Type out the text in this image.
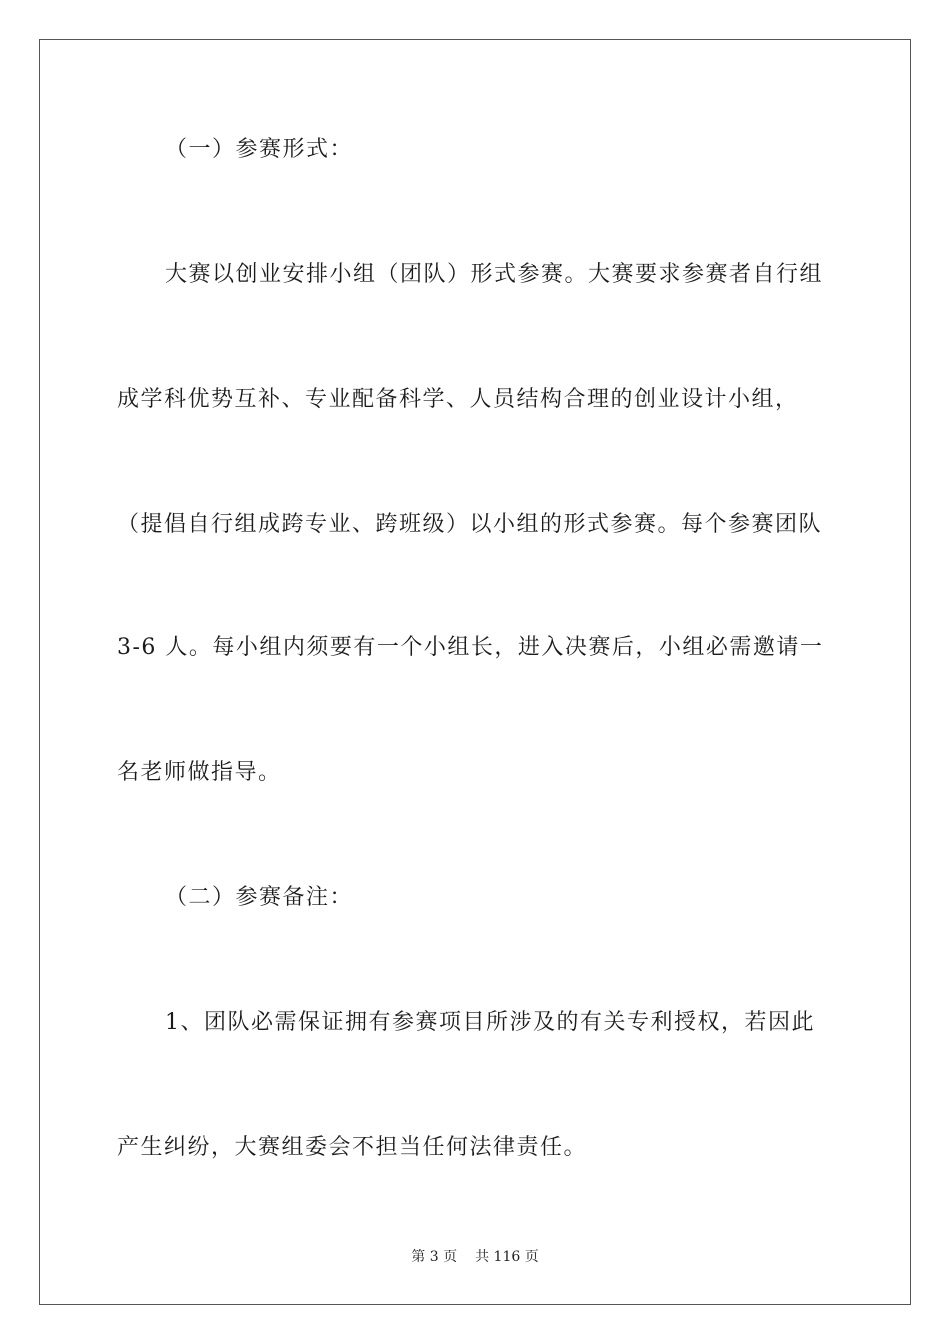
（一）参赛形式：
大赛以创业安排小组（团队）形式参赛。大赛要求参赛者自行组
成学科优势互补、专业配备科学、人员结构合理的创业设计小组，
（提倡自行组成跨专业、跨班级）以小组的形式参赛。每个参赛团队
3-6 人。每小组内须要有一个小组长，进入决赛后，小组必需邀请一
名老师做指导。
（二）参赛备注：
1、团队必需保证拥有参赛项目所涉及的有关专利授权，若因此
产生纠纷，大赛组委会不担当任何法律责任。
第 3 页 共 116 页
